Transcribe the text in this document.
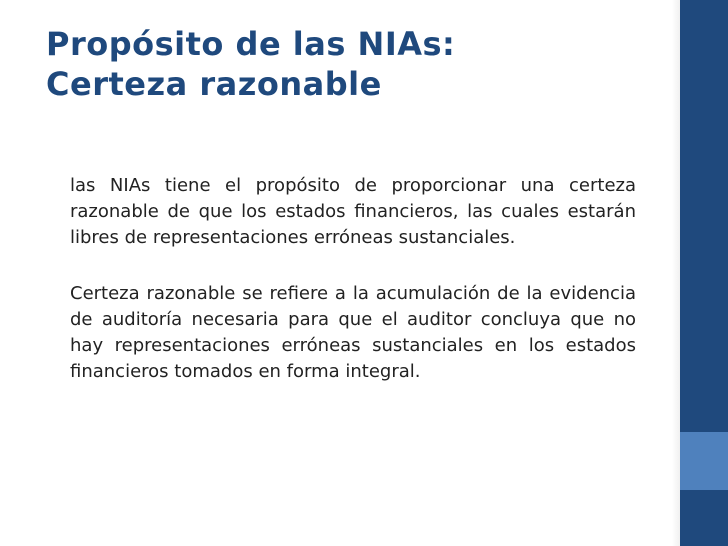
Propósito de las NIAs:
Certeza razonable

las NIAs tiene el propósito de proporcionar una certeza razonable de que los estados financieros, las cuales estarán libres de representaciones erróneas sustanciales.

Certeza razonable se refiere a la acumulación de la evidencia de auditoría necesaria para que el auditor concluya que no hay representaciones erróneas sustanciales en los estados financieros tomados en forma integral.
